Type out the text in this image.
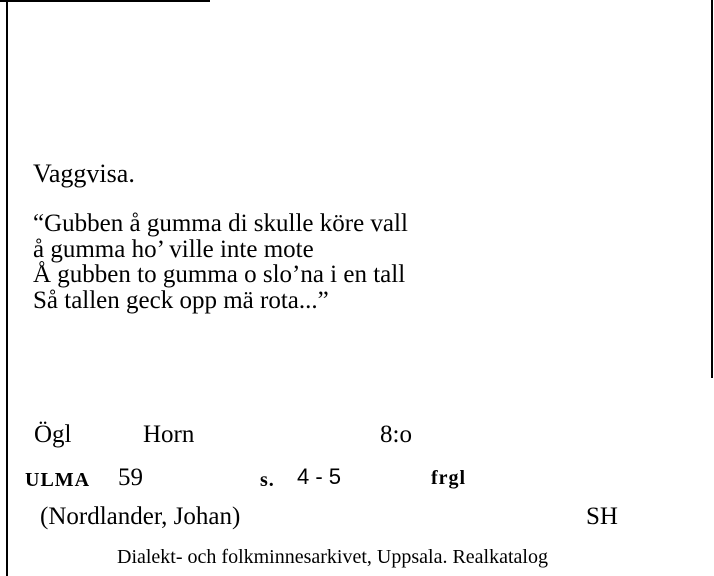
Vaggvisa.
“Gubben å gumma di skulle köre vall
å gumma ho’ ville inte mote
Å gubben to gumma o slo’na i en tall
Så tallen geck opp mä rota...”
Ögl	Horn	8:o
ULMA 59	s. 4 - 5	frgl
(Nordlander, Johan)	SH
Dialekt- och folkminnesarkivet, Uppsala. Realkatalog
